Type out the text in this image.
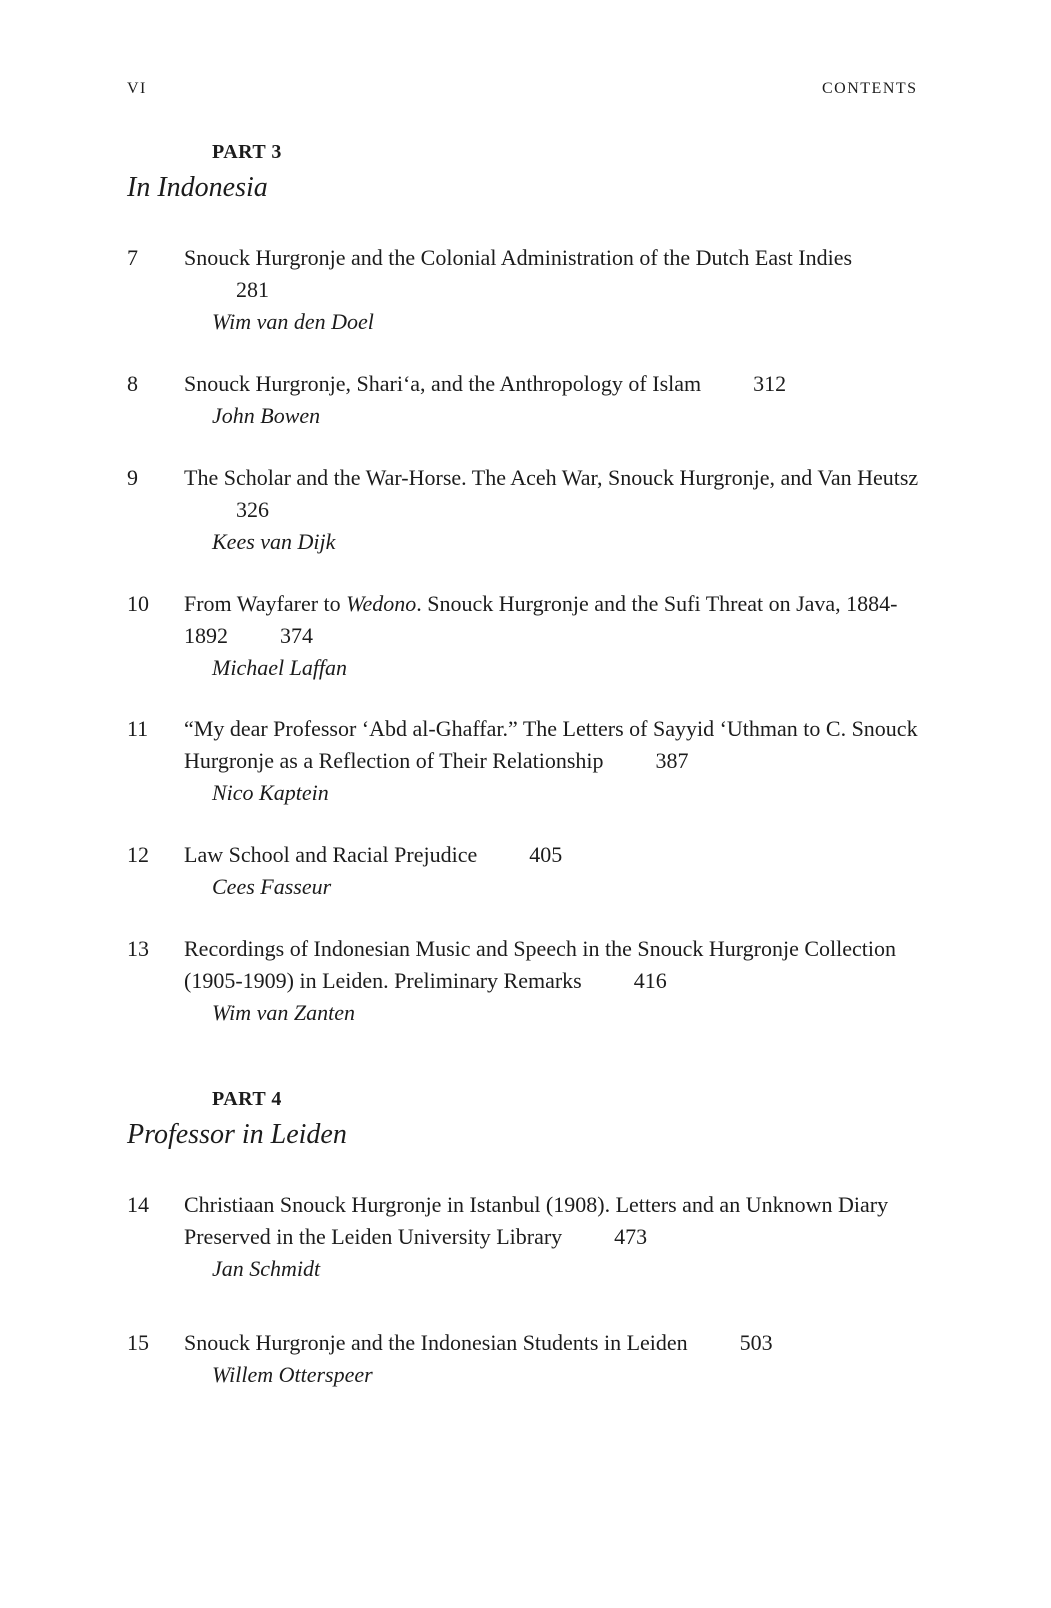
VI	CONTENTS
PART 3
In Indonesia
7 Snouck Hurgronje and the Colonial Administration of the Dutch East Indies281
Wim van den Doel
8 Snouck Hurgronje, Shari‘a, and the Anthropology of Islam 312
John Bowen
9 The Scholar and the War-Horse. The Aceh War, Snouck Hurgronje, and Van Heutsz326
Kees van Dijk
10 From Wayfarer to Wedono. Snouck Hurgronje and the Sufi Threat on Java, 1884-1892 374
Michael Laffan
11 “My dear Professor ‘Abd al-Ghaffar.” The Letters of Sayyid ‘Uthman to C. Snouck Hurgronje as a Reflection of Their Relationship 387
Nico Kaptein
12 Law School and Racial Prejudice 405
Cees Fasseur
13 Recordings of Indonesian Music and Speech in the Snouck Hurgronje Collection (1905-1909) in Leiden. Preliminary Remarks 416
Wim van Zanten
PART 4
Professor in Leiden
14 Christiaan Snouck Hurgronje in Istanbul (1908). Letters and an Unknown Diary Preserved in the Leiden University Library 473
Jan Schmidt
15 Snouck Hurgronje and the Indonesian Students in Leiden 503
Willem Otterspeer
